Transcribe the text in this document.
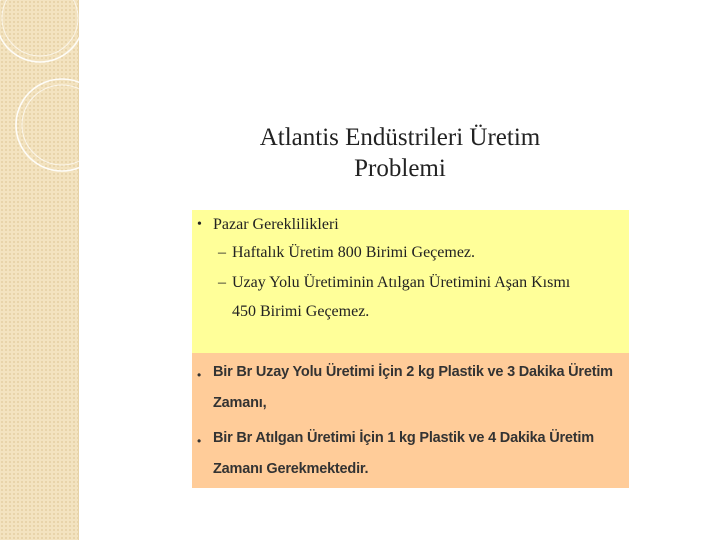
Atlantis Endüstrileri Üretim
Problemi
• Pazar Gereklilikleri
– Haftalık Üretim 800 Birimi Geçemez.
– Uzay Yolu Üretiminin Atılgan Üretimini Aşan Kısmı
450 Birimi Geçemez.
• Bir Br Uzay Yolu Üretimi İçin 2 kg Plastik ve 3 Dakika Üretim
Zamanı,
• Bir Br Atılgan Üretimi İçin 1 kg Plastik ve 4 Dakika Üretim
Zamanı Gerekmektedir.
